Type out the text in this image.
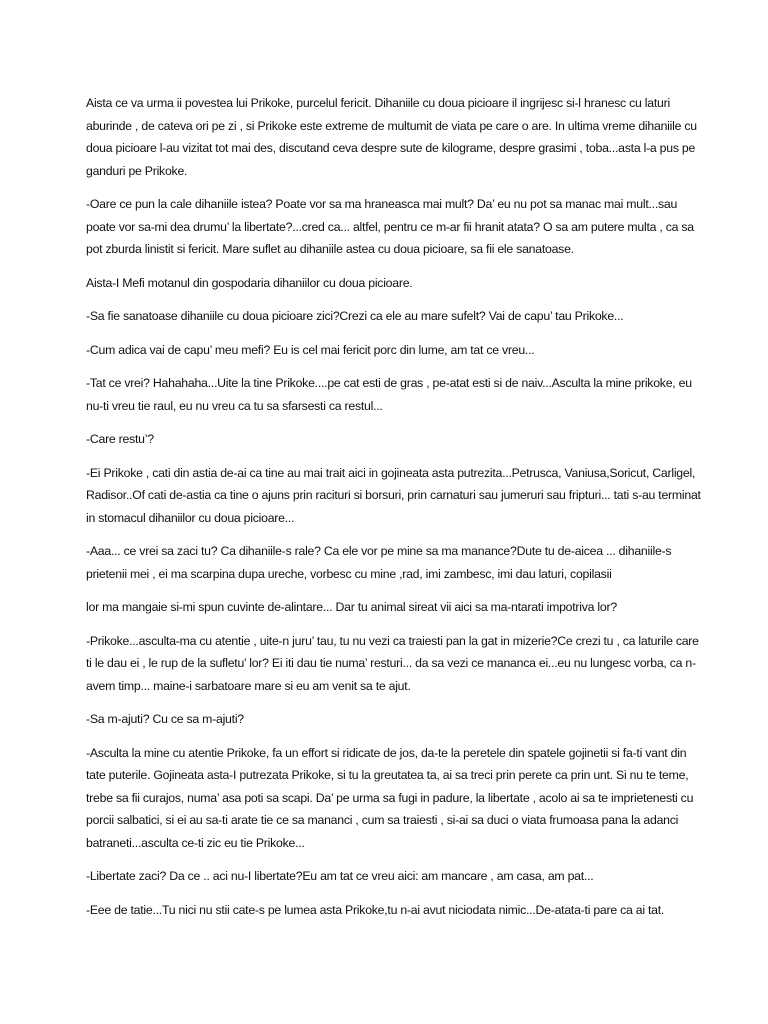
Aista ce va urma ii povestea lui Prikoke, purcelul fericit. Dihaniile cu doua picioare il ingrijesc si-l hranesc cu laturi aburinde , de cateva ori pe zi , si Prikoke este extreme de multumit de viata pe care o are. In ultima vreme dihaniile cu doua picioare l-au vizitat tot mai des, discutand ceva despre sute de kilograme, despre grasimi , toba...asta l-a pus pe ganduri pe Prikoke.

-Oare ce pun la cale dihaniile istea? Poate vor sa ma hraneasca mai mult? Da’ eu nu pot sa manac mai mult...sau poate vor sa-mi dea drumu’ la libertate?...cred ca... altfel, pentru ce m-ar fii hranit atata? O sa am putere multa , ca sa pot zburda linistit si fericit. Mare suflet au dihaniile astea cu doua picioare, sa fii ele sanatoase.

Aista-I Mefi motanul din gospodaria dihaniilor cu doua picioare.

-Sa fie sanatoase dihaniile cu doua picioare zici?Crezi ca ele au mare sufelt? Vai de capu’ tau Prikoke...

-Cum adica vai de capu’ meu mefi? Eu is cel mai fericit porc din lume, am tat ce vreu...

-Tat ce vrei? Hahahaha...Uite la tine Prikoke....pe cat esti de gras , pe-atat esti si de naiv...Asculta la mine prikoke, eu nu-ti vreu tie raul, eu nu vreu ca tu sa sfarsesti ca restul...

-Care restu’?

-Ei Prikoke , cati din astia de-ai ca tine au mai trait aici in gojineata asta putrezita...Petrusca, Vaniusa,Soricut, Carligel, Radisor..Of cati de-astia ca tine o ajuns prin raciturі si borsuri, prin carnaturi sau jumeruri sau fripturi... tati s-au terminat in stomacul dihaniilor cu doua picioare...

-Aaa... ce vrei sa zaci tu? Ca dihaniile-s rale? Ca ele vor pe mine sa ma manance?Dute tu de-aicea ... dihaniile-s prietenii mei , ei ma scarpina dupa ureche, vorbesc cu mine ,rad, imi zambesc, imi dau laturi, copilasii

lor ma mangaie si-mi spun cuvinte de-alintare... Dar tu animal sireat vii aici sa ma-ntarati impotriva lor?

-Prikoke...asculta-ma cu atentie , uite-n juru’ tau, tu nu vezi ca traiesti pan la gat in mizerie?Ce crezi tu , ca laturile care ti le dau ei , le rup de la sufletu’ lor? Ei iti dau tie numa’ resturi... da sa vezi ce mananca ei...eu nu lungesc vorba, ca n-avem timp... maine-i sarbatoare mare si eu am venit sa te ajut.

-Sa m-ajuti? Cu ce sa m-ajuti?

-Asculta la mine cu atentie Prikoke, fa un effort si ridicate de jos, da-te la peretele din spatele gojinetii si fa-ti vant din tate puterile. Gojineata asta-I putrezata Prikoke, si tu la greutatea ta, ai sa treci prin perete ca prin unt. Si nu te teme, trebe sa fii curajos, numa’ asa poti sa scapi. Da’ pe urma sa fugi in padure, la libertate , acolo ai sa te imprietenesti cu porcii salbatici, si ei au sa-ti arate tie ce sa mananci , cum sa traiesti , si-ai sa duci o viata frumoasa pana la adanci batraneti...asculta ce-ti zic eu tie Prikoke...

-Libertate zaci? Da ce .. aci nu-I libertate?Eu am tat ce vreu aici: am mancare , am casa, am pat...

-Eee de tatie...Tu nici nu stii cate-s pe lumea asta Prikoke,tu n-ai avut niciodata nimic...De-atata-ti pare ca ai tat.
